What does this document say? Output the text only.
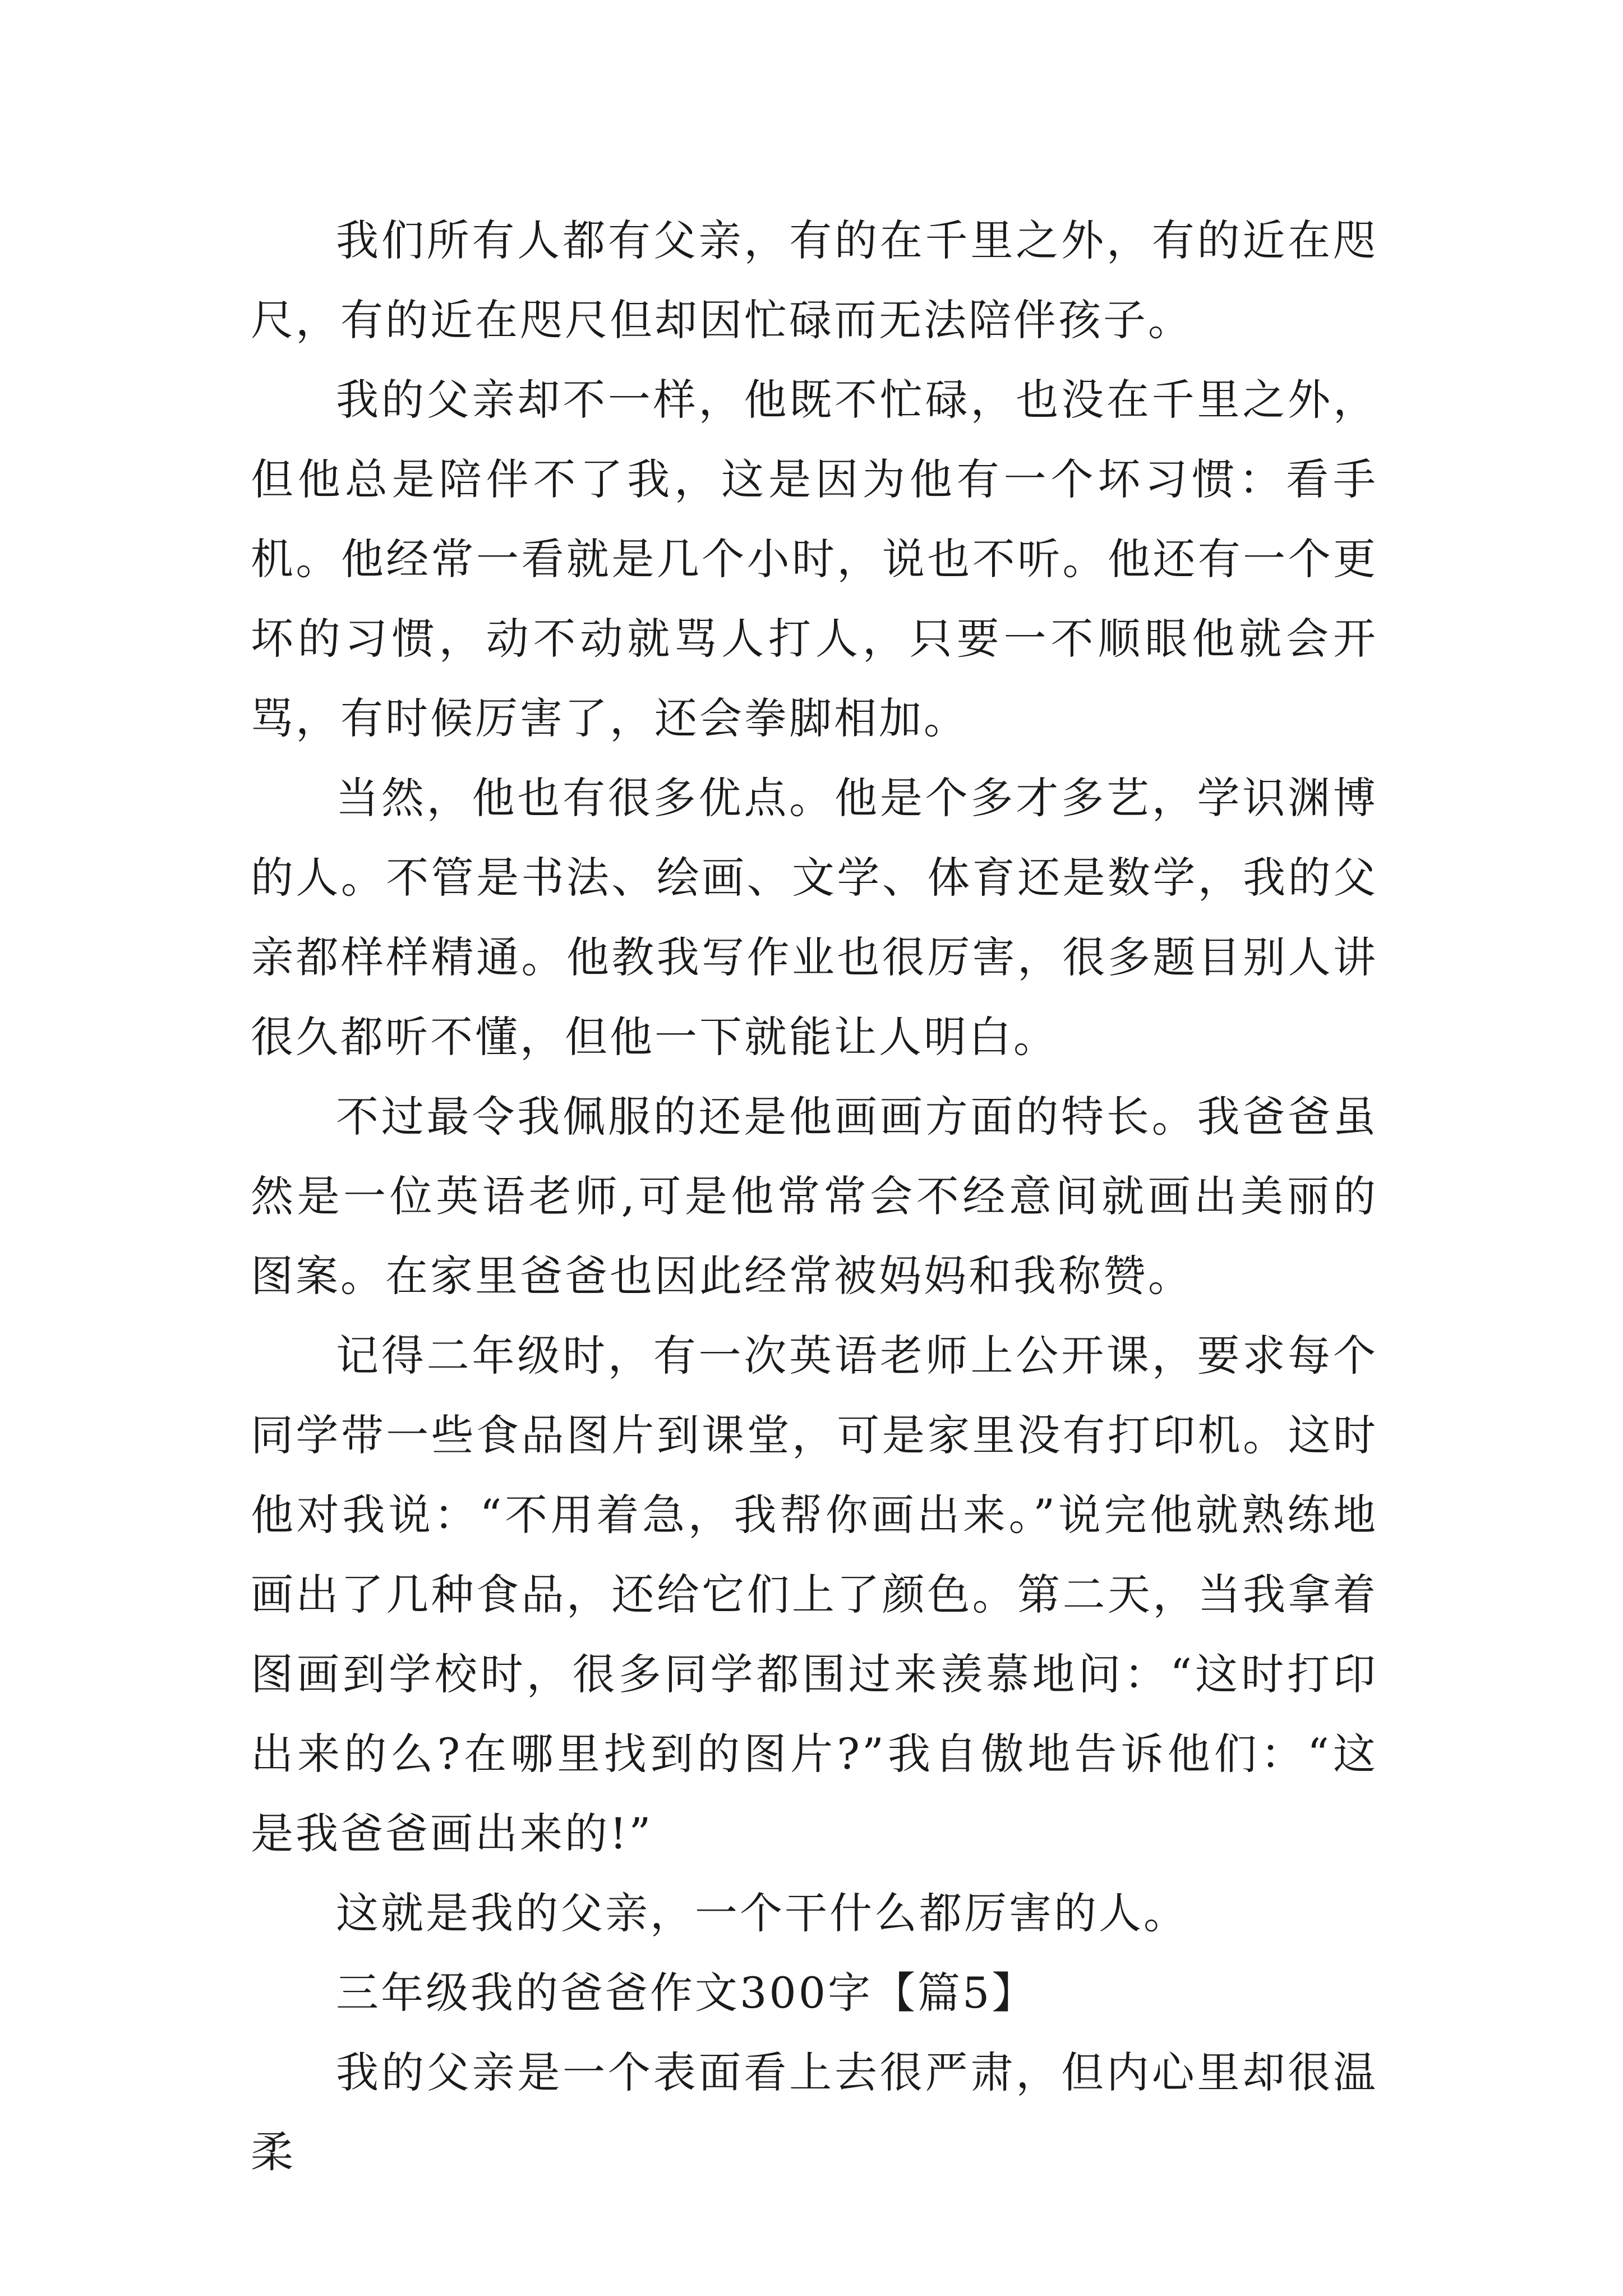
我们所有人都有父亲，有的在千里之外，有的近在咫尺，有的近在咫尺但却因忙碌而无法陪伴孩子。

我的父亲却不一样，他既不忙碌，也没在千里之外，但他总是陪伴不了我，这是因为他有一个坏习惯：看手机。他经常一看就是几个小时，说也不听。他还有一个更坏的习惯，动不动就骂人打人，只要一不顺眼他就会开骂，有时候厉害了，还会拳脚相加。

当然，他也有很多优点。他是个多才多艺，学识渊博的人。不管是书法、绘画、文学、体育还是数学，我的父亲都样样精通。他教我写作业也很厉害，很多题目别人讲很久都听不懂，但他一下就能让人明白。

不过最令我佩服的还是他画画方面的特长。我爸爸虽然是一位英语老师,可是他常常会不经意间就画出美丽的图案。在家里爸爸也因此经常被妈妈和我称赞。

记得二年级时，有一次英语老师上公开课，要求每个同学带一些食品图片到课堂，可是家里没有打印机。这时他对我说：“不用着急，我帮你画出来。”说完他就熟练地画出了几种食品，还给它们上了颜色。第二天，当我拿着图画到学校时，很多同学都围过来羡慕地问：“这时打印出来的么?在哪里找到的图片?”我自傲地告诉他们：“这是我爸爸画出来的!”

这就是我的父亲，一个干什么都厉害的人。

三年级我的爸爸作文300字【篇5】

我的父亲是一个表面看上去很严肃，但内心里却很温柔
